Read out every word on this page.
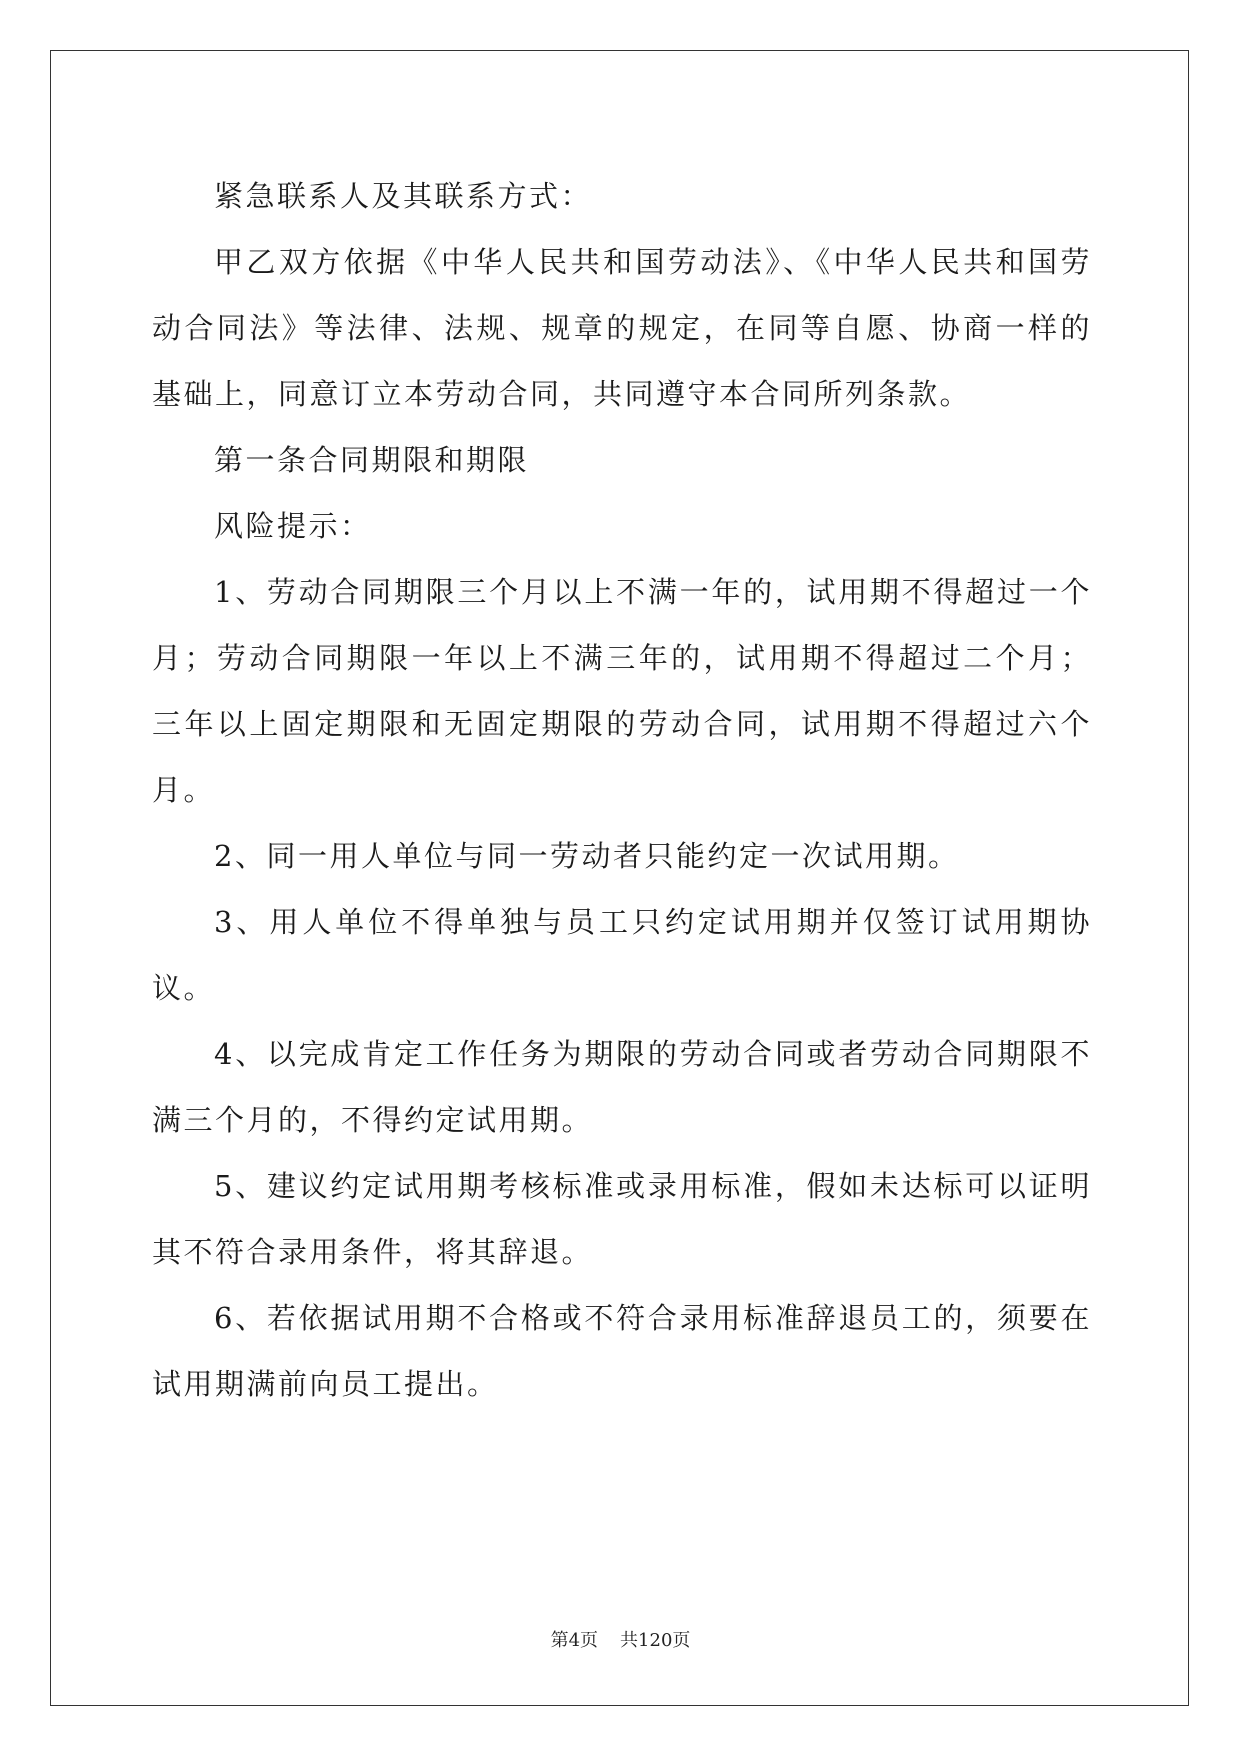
紧急联系人及其联系方式：

甲乙双方依据《中华人民共和国劳动法》、《中华人民共和国劳动合同法》等法律、法规、规章的规定，在同等自愿、协商一样的基础上，同意订立本劳动合同，共同遵守本合同所列条款。

第一条合同期限和期限

风险提示：

1、劳动合同期限三个月以上不满一年的，试用期不得超过一个月；劳动合同期限一年以上不满三年的，试用期不得超过二个月；三年以上固定期限和无固定期限的劳动合同，试用期不得超过六个月。

2、同一用人单位与同一劳动者只能约定一次试用期。

3、用人单位不得单独与员工只约定试用期并仅签订试用期协议。

4、以完成肯定工作任务为期限的劳动合同或者劳动合同期限不满三个月的，不得约定试用期。

5、建议约定试用期考核标准或录用标准，假如未达标可以证明其不符合录用条件，将其辞退。

6、若依据试用期不合格或不符合录用标准辞退员工的，须要在试用期满前向员工提出。

第4页 共120页
